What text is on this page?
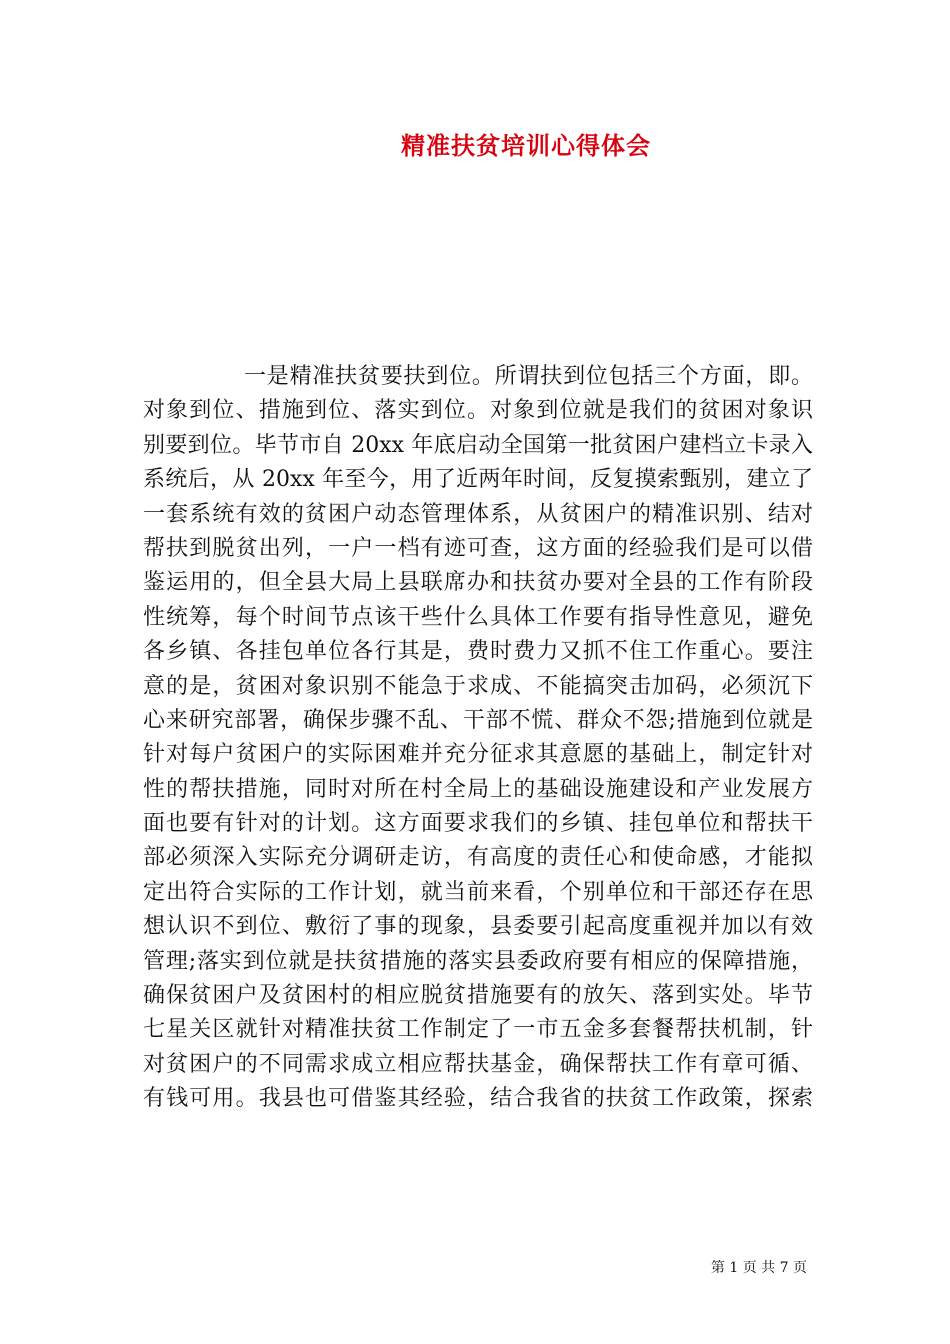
精准扶贫培训心得体会
一是精准扶贫要扶到位。所谓扶到位包括三个方面，即。
对象到位、措施到位、落实到位。对象到位就是我们的贫困对象识
别要到位。毕节市自 20xx 年底启动全国第一批贫困户建档立卡录入
系统后，从 20xx 年至今，用了近两年时间，反复摸索甄别，建立了
一套系统有效的贫困户动态管理体系，从贫困户的精准识别、结对
帮扶到脱贫出列，一户一档有迹可查，这方面的经验我们是可以借
鉴运用的，但全县大局上县联席办和扶贫办要对全县的工作有阶段
性统筹，每个时间节点该干些什么具体工作要有指导性意见，避免
各乡镇、各挂包单位各行其是，费时费力又抓不住工作重心。要注
意的是，贫困对象识别不能急于求成、不能搞突击加码，必须沉下
心来研究部署，确保步骤不乱、干部不慌、群众不怨;措施到位就是
针对每户贫困户的实际困难并充分征求其意愿的基础上，制定针对
性的帮扶措施，同时对所在村全局上的基础设施建设和产业发展方
面也要有针对的计划。这方面要求我们的乡镇、挂包单位和帮扶干
部必须深入实际充分调研走访，有高度的责任心和使命感，才能拟
定出符合实际的工作计划，就当前来看，个别单位和干部还存在思
想认识不到位、敷衍了事的现象，县委要引起高度重视并加以有效
管理;落实到位就是扶贫措施的落实县委政府要有相应的保障措施，
确保贫困户及贫困村的相应脱贫措施要有的放矢、落到实处。毕节
七星关区就针对精准扶贫工作制定了一市五金多套餐帮扶机制，针
对贫困户的不同需求成立相应帮扶基金，确保帮扶工作有章可循、
有钱可用。我县也可借鉴其经验，结合我省的扶贫工作政策，探索
第 1 页 共 7 页
